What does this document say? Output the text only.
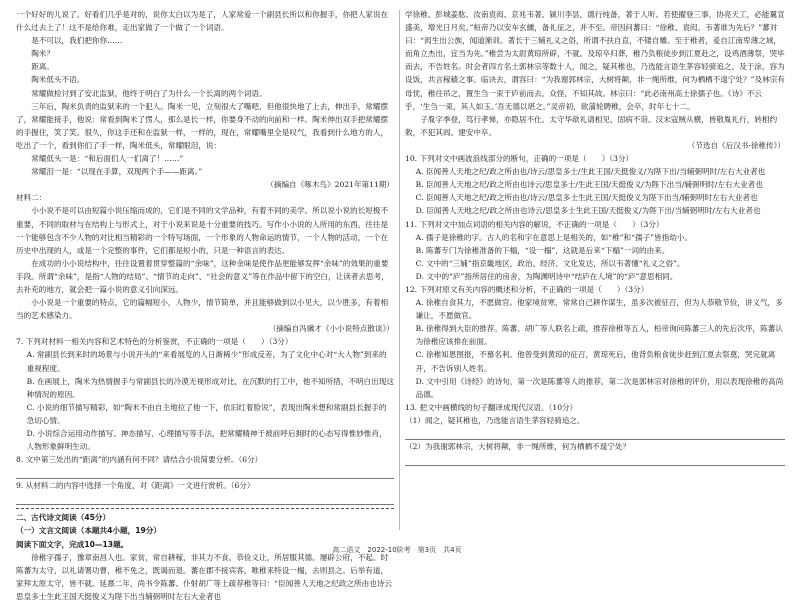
一个好好的儿说了。好看们几乎是对的，说你太白以为是了，人家常爱一个副县长所以和你握手，你把人家说在什么过去上了！这不是给你难，走出家做了一个做了一个词语。

是不可以，我们把你你……

陶米？

距离。

陶米低头不语。

常耀做检讨到了安北监狱，他终于明白了为什么一个长离的两个词语。

三年后，陶米负责的监狱来的一个犯人。陶米一见，立刻很大了嘴吧，但他很快地了上去，伸出手，常耀摆了，常耀能接手，他说：常看到陶米了愣人，那么是长一样，你要身不动的向前和一样。陶米伸出双手把常耀摆的手握住，笑了笑。很久，你这手还和在监狱一样，一样的，现在，常耀嘴里全是叹气，我看到什么地方的人，吃出了一个，看到你们了手一样，陶米低头，常耀眼泪，说：

常耀低头一是：“和后面们人一们离了！……”

常耀泪一是：“以现在手算，双现两个手——距离。”

（摘编自《啄木鸟》2021年第11期）

材料二：

小小说不是可以由短篇小说压缩而成的，它们是不同的文学品种，有着不同的美学。所以说小说的长短极不重要，不同的取材与在结构上与形式上，对于小说来说是十分重要的技巧。写作小小说的人所用的东西，往往是一个能够包含不少人物的对比相当精彩的一个特写场面，一个形象的人物命运的情节，一个人物的活动，一个在历史中出现的人，或是一个完整的事件，它们都是短小的，只是一种语言的表达。

在成功的小小说结构中，往往设置着贯穿整篇的“余味”，这种余味是使作品更能够发挥“余味”的效果的重要手段。所谓“余味”，是指“人物的结局”、“情节的走向”、“社会的意义”等在作品中留下的空白，让读者去思考，去补充的地方，就会把一篇小说的意义引向深远。

小小说是一个重要的特点，它的篇幅短小，人物少，情节简单，并且能够做到以小见大，以少胜多，有着相当的艺术感染力。

（摘编自冯骥才《小小说特点散谈》）

7. 下列对材料一相关内容和艺术特色的分析鉴赏，不正确的一项是（　　）（3分）

A. 常副县长到来时的场景与小说开头的“来看展览的人日渐稀少”形成反差，为了文化中心对“大人物”到来的重视程度。

B. 在画展上，陶米为热情握手与常副县长的冷漠无视形成对比，在沉默的打工中，他不知所措，不明白出现这种情况的原因。

C. 小说的细节描写精彩，如“陶米不由自主地拉了他一下，依旧红着脸说”，表现出陶米想和常副县长握手的急切心情。

D. 小说综合运用动作描写、神态描写、心理描写等手法，把常耀精神于被前呼后拥时的心态写得惟妙惟肖，人物形象鲜明生动。

8. 文中第三处出的“距离”的内涵有何不同？请结合小说简要分析。（6分）

9. 从材料二的内容中选择一个角度，对《距离》一文进行赏析。（6分）

二、古代诗文阅读（45分）

（一）文言文阅读（本题共4小题，19分）

阅读下面文字，完成10—13题。

徐稚字孺子，豫章南昌人也。家贫，常自耕稼，非其力不食。恭俭义让，所居服其德。屡辟公府，不起。时陈蕃为太守，以礼请署功曹，稚不免之，既谒而退。蕃在郡不接宾客，唯稚来特设一榻，去则县之。后举有道，家拜太原太守，皆不就。延熹二年，尚书令陈蕃、仆射胡广等上疏荐稚等曰：“臣闻善人天地之纪政之所由也诗云思皇多士生此王国天挺俊义为陛下出当辅弼明时左右大业者也

学徐稚、彭城姜肱、汝南袁闳、京兆韦著、颍川李昙，德行纯备，著于人听。若使擢登三事，协亮天工，必能翼宣盛美，增光日月矣。”桓帝乃以安车玄纁，备礼征之，并不至。帝因问蕃曰：“徐稚、袁闳、韦著谁为先后？”蕃对曰：“闳生出公族，闻道渐训。著长于三辅礼义之俗，所谓不扶自直，不镂自雕。至于稚者，爰自江南卑薄之域，而角立杰出，宜当为先。”稚尝为太尉黄琼所辟，不就。及琼卒归葬，稚乃负粮徒步到江夏赴之，设鸡酒薄祭，哭毕而去，不告姓名。时会者四方名士郭林宗等数十人，闻之，疑其稚也，乃选能言语生茅容轻骑追之。及于涂，容为设饭，共言稼穑之事。临诀去，谓容曰：“为我谢郭林宗，大树将颠，非一绳所维，何为栖栖不遑宁处？”及林宗有母忧，稚往吊之，置生刍一束于庐前而去。众怪，不知其故。林宗曰：“此必南州高士徐孺子也。《诗》不云乎，‘生刍一束，其人如玉。’吾无德以堪之。”灵帝初，欲蒲轮聘稚，会卒，时年七十二。

子胤字季登，笃行孝悌，亦隐居不仕。太守华歆礼请相见，固病不诣。汉末寇贼从横，皆敬胤礼行，转相约敕，不犯其闾。建安中卒。

（节选自《后汉书·徐稚传》）

10. 下列对文中画波浪线部分的断句，正确的一项是（　　）（3分）

A. 臣闻善人天地之纪/政之所由也/诗云/思皇多士/生此王国/天挺俊义/为陛下出/当辅弼明时/左右大业者也

B. 臣闻善人天地之纪/政之所由也诗云/思皇多士/生此王国/天挺俊义/为陛下出当/辅弼明时/左右大业者也

C. 臣闻善人天地之纪/政之所由也/诗云/思皇多士生此王国/天挺俊义为陛下出当/辅弼明时左右大业者也

D. 臣闻善人天地之纪/政之所由也诗云/思皇多士生此王国/天挺俊义/为陛下出/当辅弼明时/左右大业者也

11. 下列对文中加点词语的相关内容的解说，不正确的一项是（　　）（3分）

A. 孺子是徐稚的字。古人的名和字在意思上是相关的，如“稚”和“孺子”皆指幼小。

B. 陈蕃专门为徐稚准备的下榻，“设一榻”，这就是后来“下榻”一词的由来。

C. 文中的“三辅”指京畿地区，政治、经济、文化发达，所以韦著懂“礼义之俗”。

D. 文中的“庐”指所居住的房舍，为陶渊明诗中“结庐在人境”的“庐”意思相同。

12. 下列对原文有关内容的概述和分析，不正确的一项是（　　）（3分）

A. 徐稚自食其力，不愿做官。他家境贫寒，常常自己耕作谋生，虽多次被征召，但为人恭敬节俭，讲义气，多谦让，不愿做官。

B. 徐稚得到大臣的推荐。陈蕃、胡广等人联名上疏，推荐徐稚等五人，桓帝询问陈蕃三人的先后次序，陈蕃认为徐稚应该排在前面。

C. 徐稚知恩图报，不慕名利。他曾受到黄琼的征召，黄琼死后，他背负粮食徒步赶到江夏去祭奠，哭完就离开，不告诉别人姓名。

D. 文中引用《诗经》的诗句，第一次是陈蕃等人的推荐，第二次是郭林宗对徐稚的评价，用以表现徐稚的高尚品德。

13. 把文中画横线的句子翻译成现代汉语。（10分）

（1）闻之，疑其稚也，乃选能言语生茅容轻骑追之。

（2）为我谢郭林宗，大树将颠，非一绳所维，何为栖栖不遑宁处？

高二语文　2022-10阶考　第3页　共4页
